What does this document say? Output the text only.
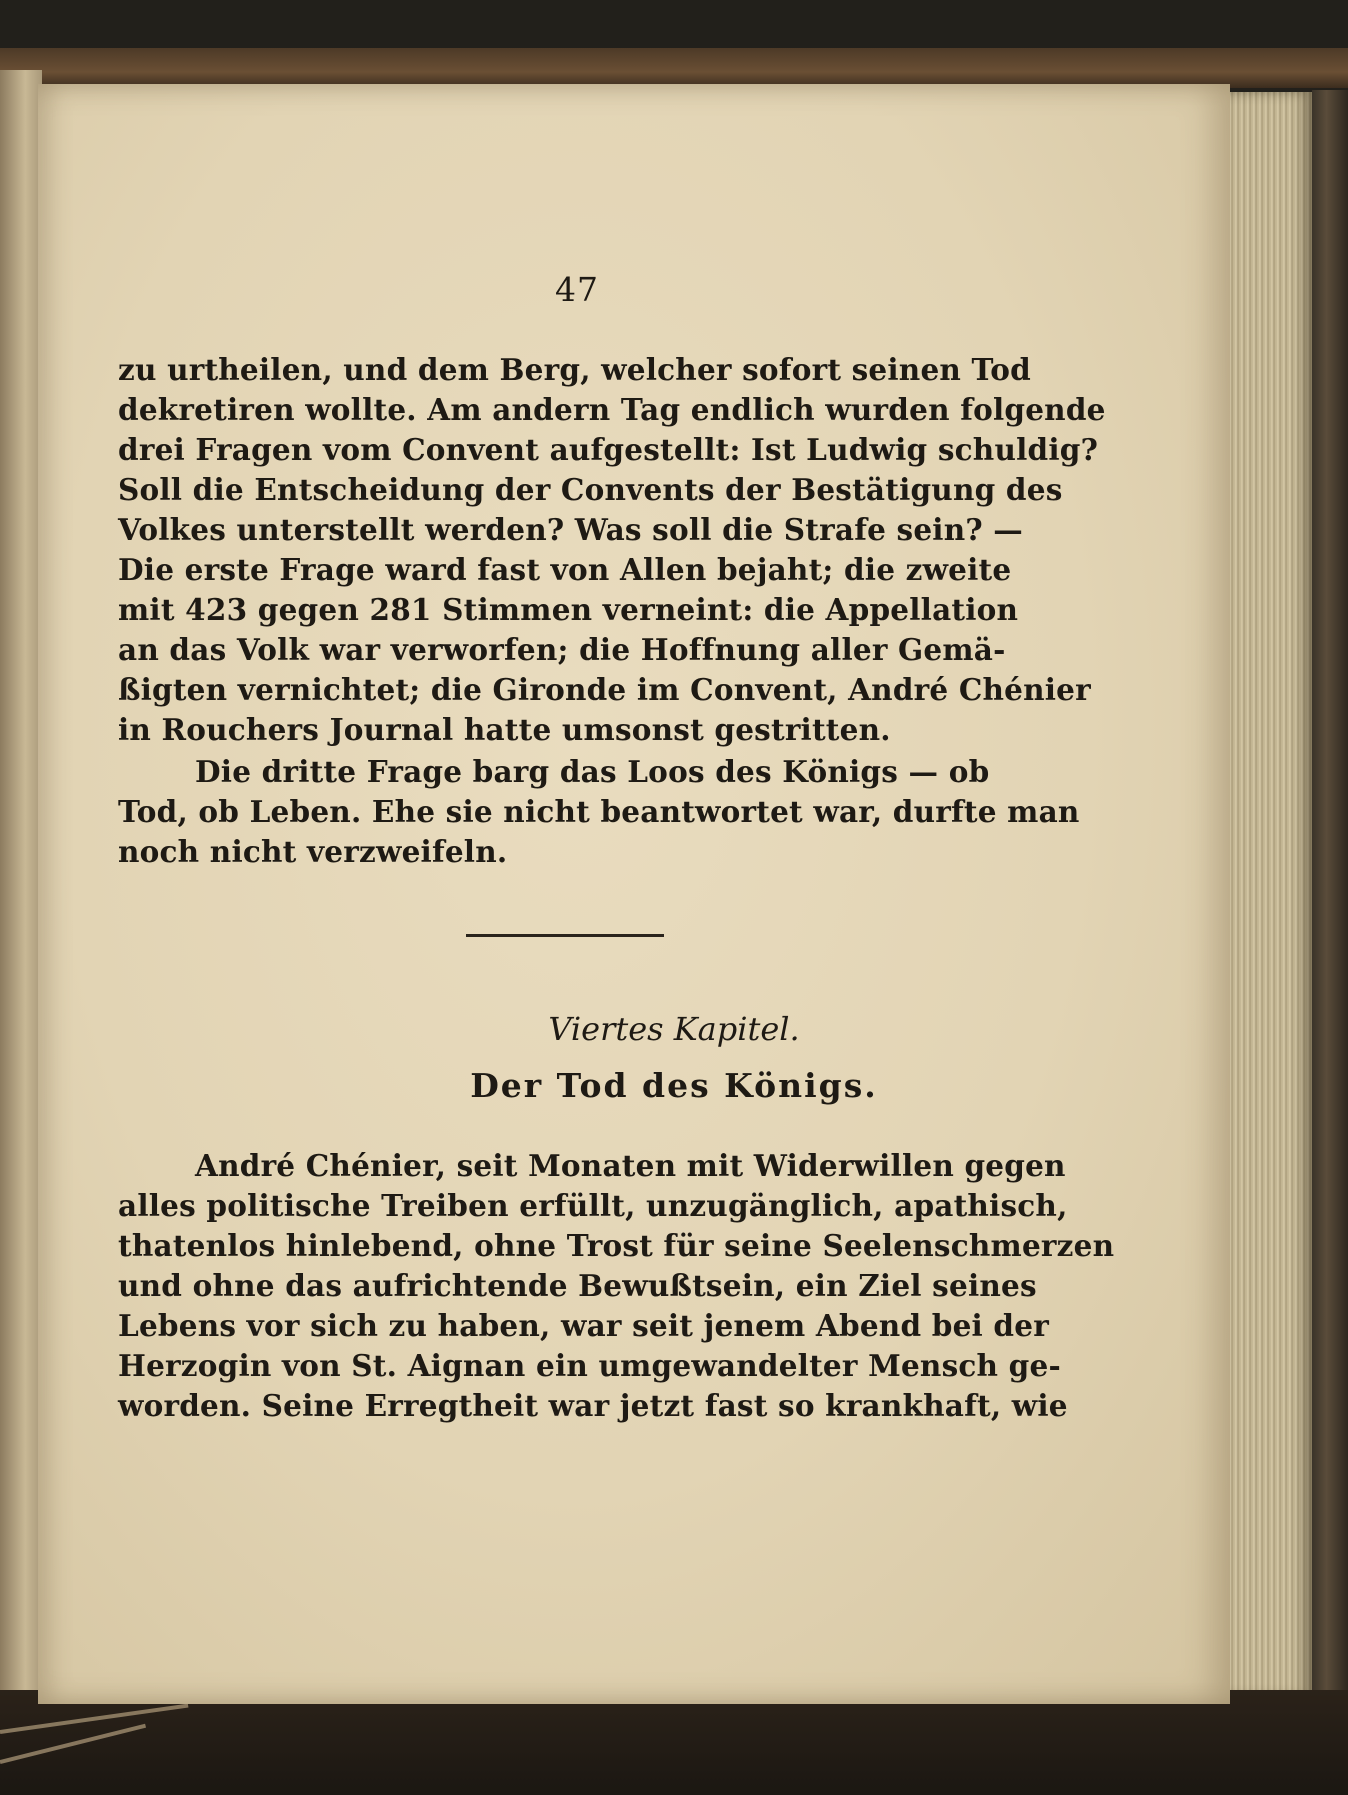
47
zu urtheilen, und dem Berg, welcher sofort seinen Tod
dekretiren wollte. Am andern Tag endlich wurden folgende
drei Fragen vom Convent aufgestellt: Ist Ludwig schuldig?
Soll die Entscheidung der Convents der Bestätigung des
Volkes unterstellt werden? Was soll die Strafe sein? —
Die erste Frage ward fast von Allen bejaht; die zweite
mit 423 gegen 281 Stimmen verneint: die Appellation
an das Volk war verworfen; die Hoffnung aller Gemä-
ßigten vernichtet; die Gironde im Convent, André Chénier
in Rouchers Journal hatte umsonst gestritten.
Die dritte Frage barg das Loos des Königs — ob
Tod, ob Leben. Ehe sie nicht beantwortet war, durfte man
noch nicht verzweifeln.
Viertes Kapitel.
Der Tod des Königs.
André Chénier, seit Monaten mit Widerwillen gegen
alles politische Treiben erfüllt, unzugänglich, apathisch,
thatenlos hinlebend, ohne Trost für seine Seelenschmerzen
und ohne das aufrichtende Bewußtsein, ein Ziel seines
Lebens vor sich zu haben, war seit jenem Abend bei der
Herzogin von St. Aignan ein umgewandelter Mensch ge-
worden. Seine Erregtheit war jetzt fast so krankhaft, wie
